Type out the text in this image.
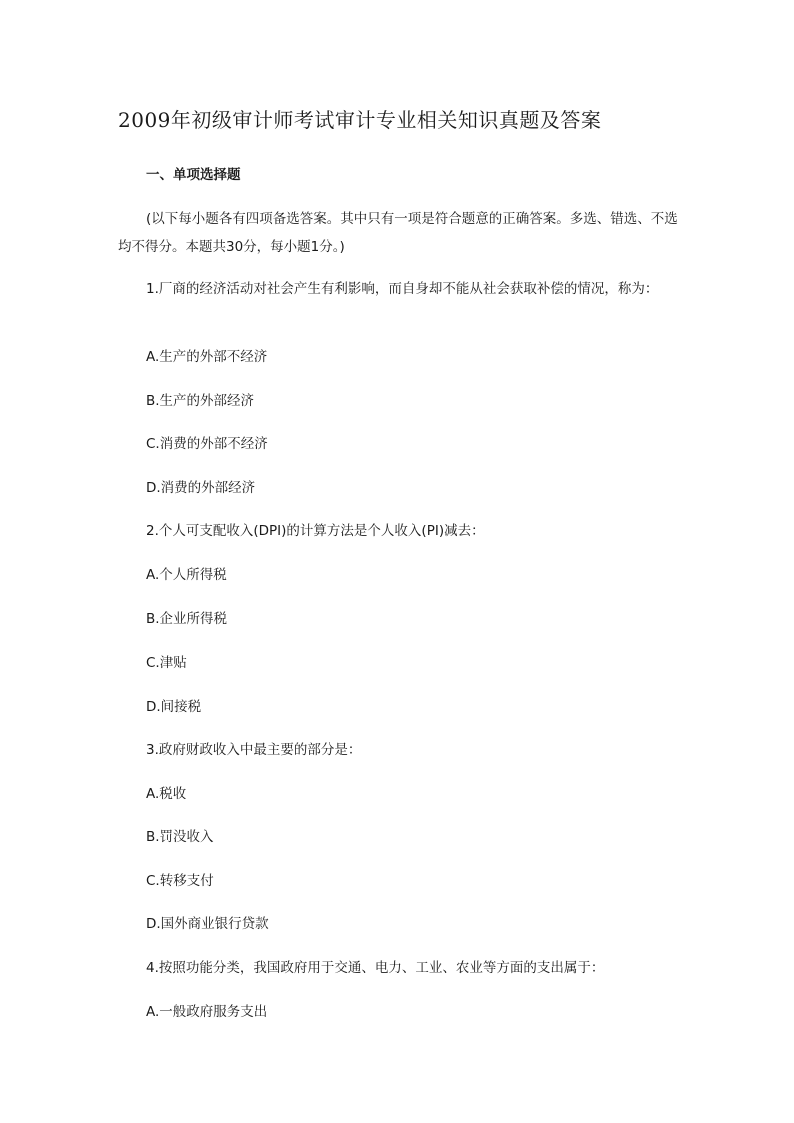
2009年初级审计师考试审计专业相关知识真题及答案
一、单项选择题

(以下每小题各有四项备选答案。其中只有一项是符合题意的正确答案。多选、错选、不选均不得分。本题共30分，每小题1分。)

1.厂商的经济活动对社会产生有利影响，而自身却不能从社会获取补偿的情况，称为：

A.生产的外部不经济

B.生产的外部经济

C.消费的外部不经济

D.消费的外部经济

2.个人可支配收入(DPI)的计算方法是个人收入(PI)减去：

A.个人所得税

B.企业所得税

C.津贴

D.间接税

3.政府财政收入中最主要的部分是：

A.税收

B.罚没收入

C.转移支付

D.国外商业银行贷款

4.按照功能分类，我国政府用于交通、电力、工业、农业等方面的支出属于：

A.一般政府服务支出
